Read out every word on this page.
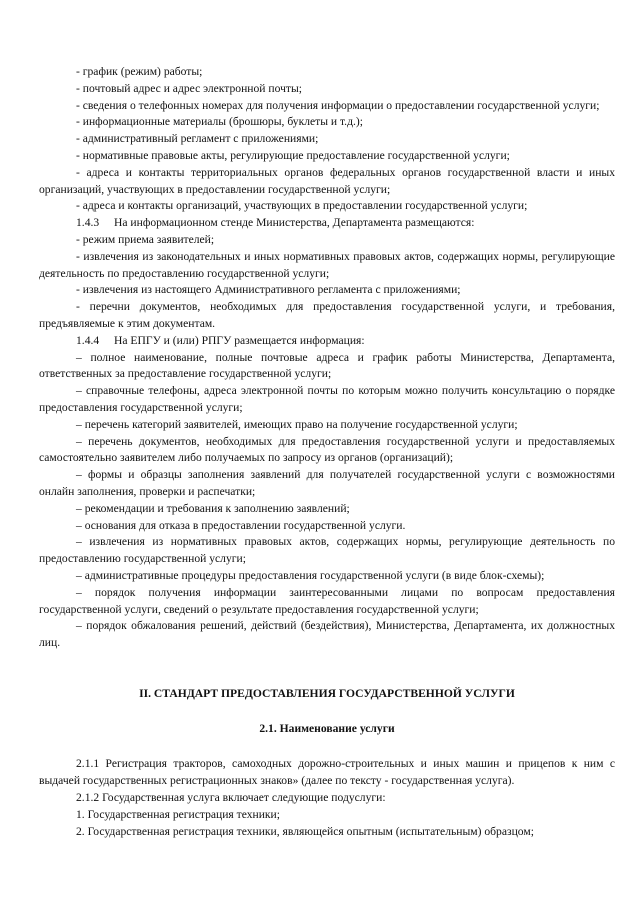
- график (режим) работы;

- почтовый адрес и адрес электронной почты;

- сведения о телефонных номерах для получения информации о предоставлении государственной услуги;

- информационные материалы (брошюры, буклеты и т.д.);

- административный регламент с приложениями;

- нормативные правовые акты, регулирующие предоставление государственной услуги;

- адреса и контакты территориальных органов федеральных органов государственной власти и иных организаций, участвующих в предоставлении государственной услуги;

- адреса и контакты организаций, участвующих в предоставлении государственной услуги;

1.4.3 На информационном стенде Министерства, Департамента размещаются:

- режим приема заявителей;

- извлечения из законодательных и иных нормативных правовых актов, содержащих нормы, регулирующие деятельность по предоставлению государственной услуги;

- извлечения из настоящего Административного регламента с приложениями;

- перечни документов, необходимых для предоставления государственной услуги, и требования, предъявляемые к этим документам.

1.4.4 На ЕПГУ и (или) РПГУ размещается информация:

– полное наименование, полные почтовые адреса и график работы Министерства, Департамента, ответственных за предоставление государственной услуги;

– справочные телефоны, адреса электронной почты по которым можно получить консультацию о порядке предоставления государственной услуги;

– перечень категорий заявителей, имеющих право на получение государственной услуги;

– перечень документов, необходимых для предоставления государственной услуги и предоставляемых самостоятельно заявителем либо получаемых по запросу из органов (организаций);

– формы и образцы заполнения заявлений для получателей государственной услуги с возможностями онлайн заполнения, проверки и распечатки;

– рекомендации и требования к заполнению заявлений;

– основания для отказа в предоставлении государственной услуги.

– извлечения из нормативных правовых актов, содержащих нормы, регулирующие деятельность по предоставлению государственной услуги;

– административные процедуры предоставления государственной услуги (в виде блок-схемы);

– порядок получения информации заинтересованными лицами по вопросам предоставления государственной услуги, сведений о результате предоставления государственной услуги;

– порядок обжалования решений, действий (бездействия), Министерства, Департамента, их должностных лиц.

II. СТАНДАРТ ПРЕДОСТАВЛЕНИЯ ГОСУДАРСТВЕННОЙ УСЛУГИ

2.1. Наименование услуги

2.1.1 Регистрация тракторов, самоходных дорожно-строительных и иных машин и прицепов к ним с выдачей государственных регистрационных знаков» (далее по тексту - государственная услуга).

2.1.2 Государственная услуга включает следующие подуслуги:

1. Государственная регистрация техники;

2. Государственная регистрация техники, являющейся опытным (испытательным) образцом;
